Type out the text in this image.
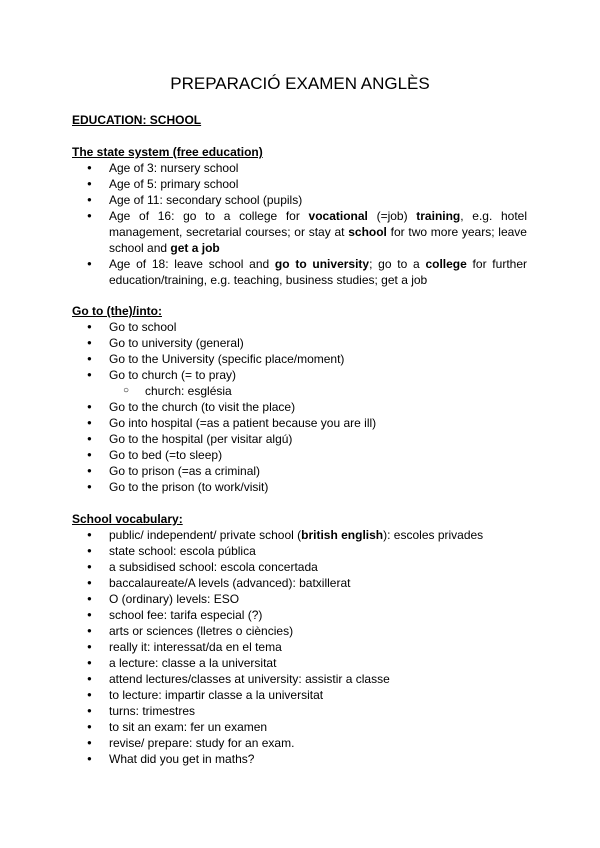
PREPARACIÓ EXAMEN ANGLÈS
EDUCATION: SCHOOL
The state system (free education)
● Age of 3: nursery school
● Age of 5: primary school
● Age of 11: secondary school (pupils)
● Age of 16: go to a college for vocational (=job) training, e.g. hotel management, secretarial courses; or stay at school for two more years; leave school and get a job
● Age of 18: leave school and go to university; go to a college for further education/training, e.g. teaching, business studies; get a job
Go to (the)/into:
● Go to school
● Go to university (general)
● Go to the University (specific place/moment)
● Go to church (= to pray)
○ church: església
● Go to the church (to visit the place)
● Go into hospital (=as a patient because you are ill)
● Go to the hospital (per visitar algú)
● Go to bed (=to sleep)
● Go to prison (=as a criminal)
● Go to the prison (to work/visit)
School vocabulary:
● public/ independent/ private school (british english): escoles privades
● state school: escola pública
● a subsidised school: escola concertada
● baccalaureate/A levels (advanced): batxillerat
● O (ordinary) levels: ESO
● school fee: tarifa especial (?)
● arts or sciences (lletres o ciències)
● really it: interessat/da en el tema
● a lecture: classe a la universitat
● attend lectures/classes at university: assistir a classe
● to lecture: impartir classe a la universitat
● turns: trimestres
● to sit an exam: fer un examen
● revise/ prepare: study for an exam.
● What did you get in maths?
